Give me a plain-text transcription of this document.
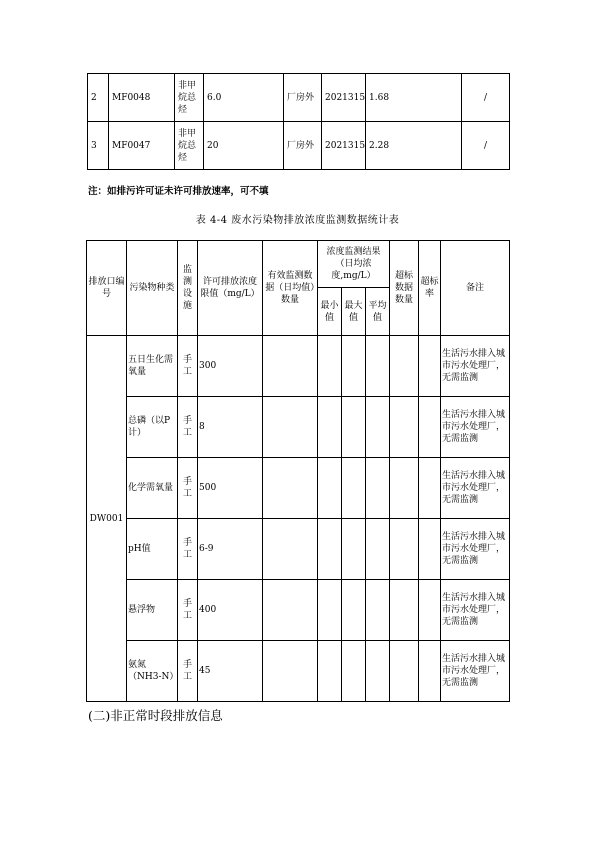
2	MF0048	非甲烷总烃	6.0	厂房外	2021315	1.68	/
3	MF0047	非甲烷总烃	20	厂房外	2021315	2.28	/
注：如排污许可证未许可排放速率，可不填
表 4-4 废水污染物排放浓度监测数据统计表
排放口编号	污染物种类	监测设施	许可排放浓度限值（mg/L）	有效监测数据（日均值）数量	浓度监测结果（日均浓度,mg/L）			超标数据数量	超标率	备注
					最小值	最大值	平均值			
DW001	五日生化需氧量	手工	300							生活污水排入城市污水处理厂，无需监测
	总磷（以P计）	手工	8							生活污水排入城市污水处理厂，无需监测
	化学需氧量	手工	500							生活污水排入城市污水处理厂，无需监测
	pH值	手工	6-9							生活污水排入城市污水处理厂，无需监测
	悬浮物	手工	400							生活污水排入城市污水处理厂，无需监测
	氨氮（NH3-N）	手工	45							生活污水排入城市污水处理厂，无需监测
(二)非正常时段排放信息
